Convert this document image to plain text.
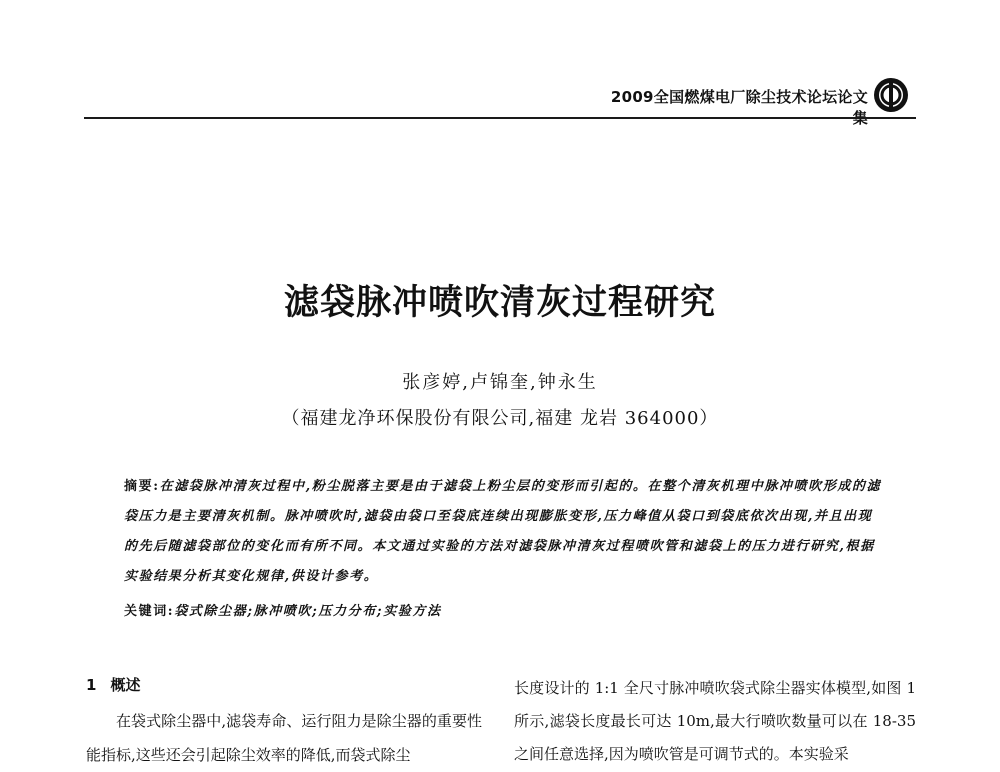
2009全国燃煤电厂除尘技术论坛论文集
滤袋脉冲喷吹清灰过程研究
张彦婷,卢锦奎,钟永生
（福建龙净环保股份有限公司,福建 龙岩 364000）
摘要:在滤袋脉冲清灰过程中,粉尘脱落主要是由于滤袋上粉尘层的变形而引起的。在整个清灰机理中脉冲喷吹形成的滤袋压力是主要清灰机制。脉冲喷吹时,滤袋由袋口至袋底连续出现膨胀变形,压力峰值从袋口到袋底依次出现,并且出现的先后随滤袋部位的变化而有所不同。本文通过实验的方法对滤袋脉冲清灰过程喷吹管和滤袋上的压力进行研究,根据实验结果分析其变化规律,供设计参考。
关键词:袋式除尘器;脉冲喷吹;压力分布;实验方法
1 概述
在袋式除尘器中,滤袋寿命、运行阻力是除尘器的重要性能指标,这些还会引起除尘效率的降低,而袋式除尘
长度设计的 1:1 全尺寸脉冲喷吹袋式除尘器实体模型,如图 1 所示,滤袋长度最长可达 10m,最大行喷吹数量可以在 18-35 之间任意选择,因为喷吹管是可调节式的。本实验采
